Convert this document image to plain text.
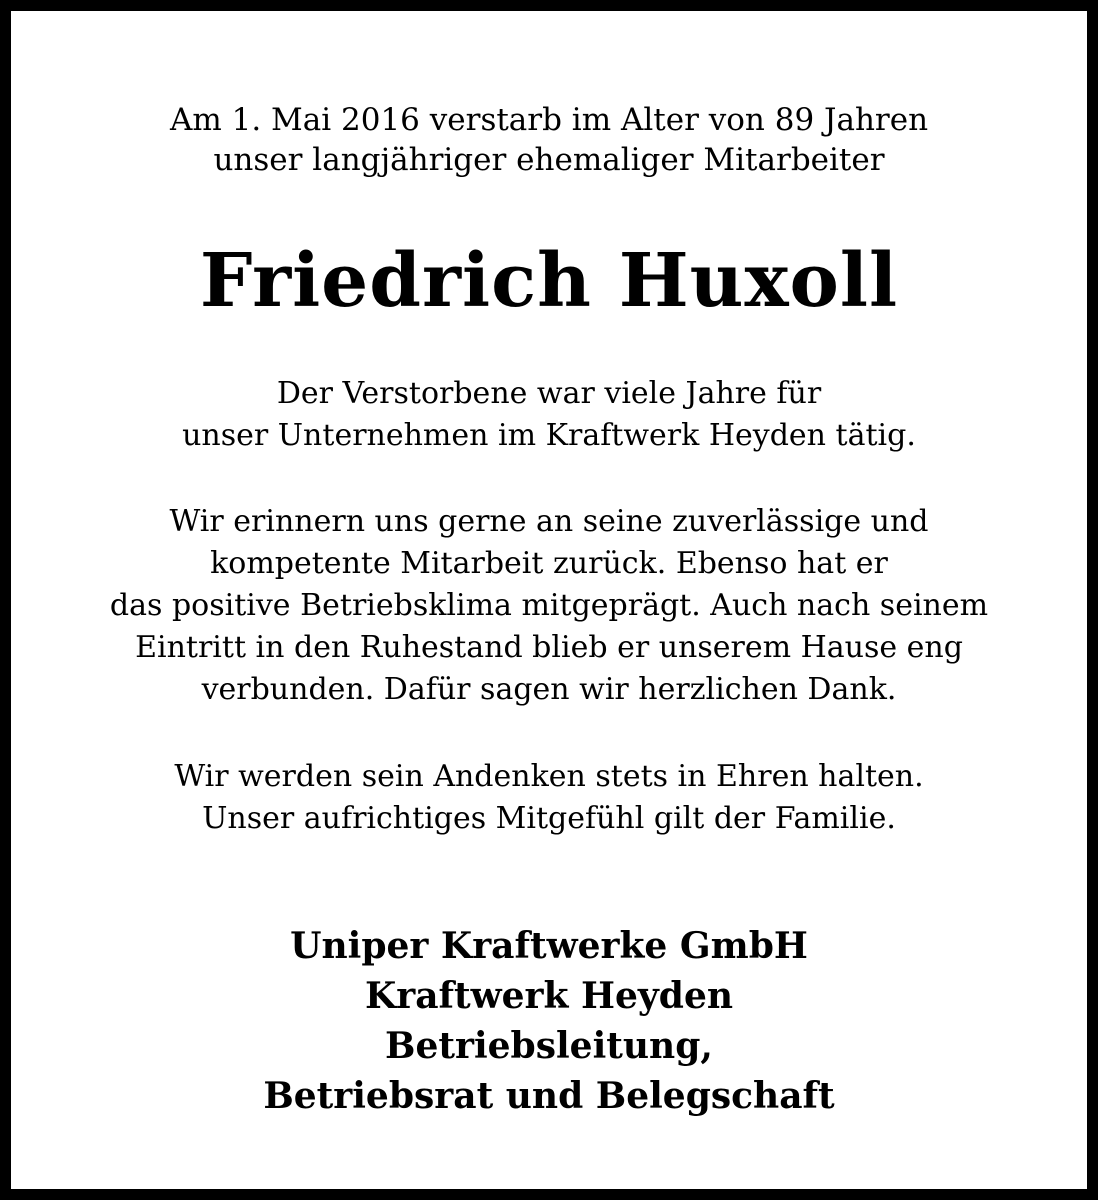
Am 1. Mai 2016 verstarb im Alter von 89 Jahren
unser langjähriger ehemaliger Mitarbeiter
Friedrich Huxoll
Der Verstorbene war viele Jahre für
unser Unternehmen im Kraftwerk Heyden tätig.
Wir erinnern uns gerne an seine zuverlässige und
kompetente Mitarbeit zurück. Ebenso hat er
das positive Betriebsklima mitgeprägt. Auch nach seinem
Eintritt in den Ruhestand blieb er unserem Hause eng
verbunden. Dafür sagen wir herzlichen Dank.
Wir werden sein Andenken stets in Ehren halten.
Unser aufrichtiges Mitgefühl gilt der Familie.
Uniper Kraftwerke GmbH
Kraftwerk Heyden
Betriebsleitung,
Betriebsrat und Belegschaft
